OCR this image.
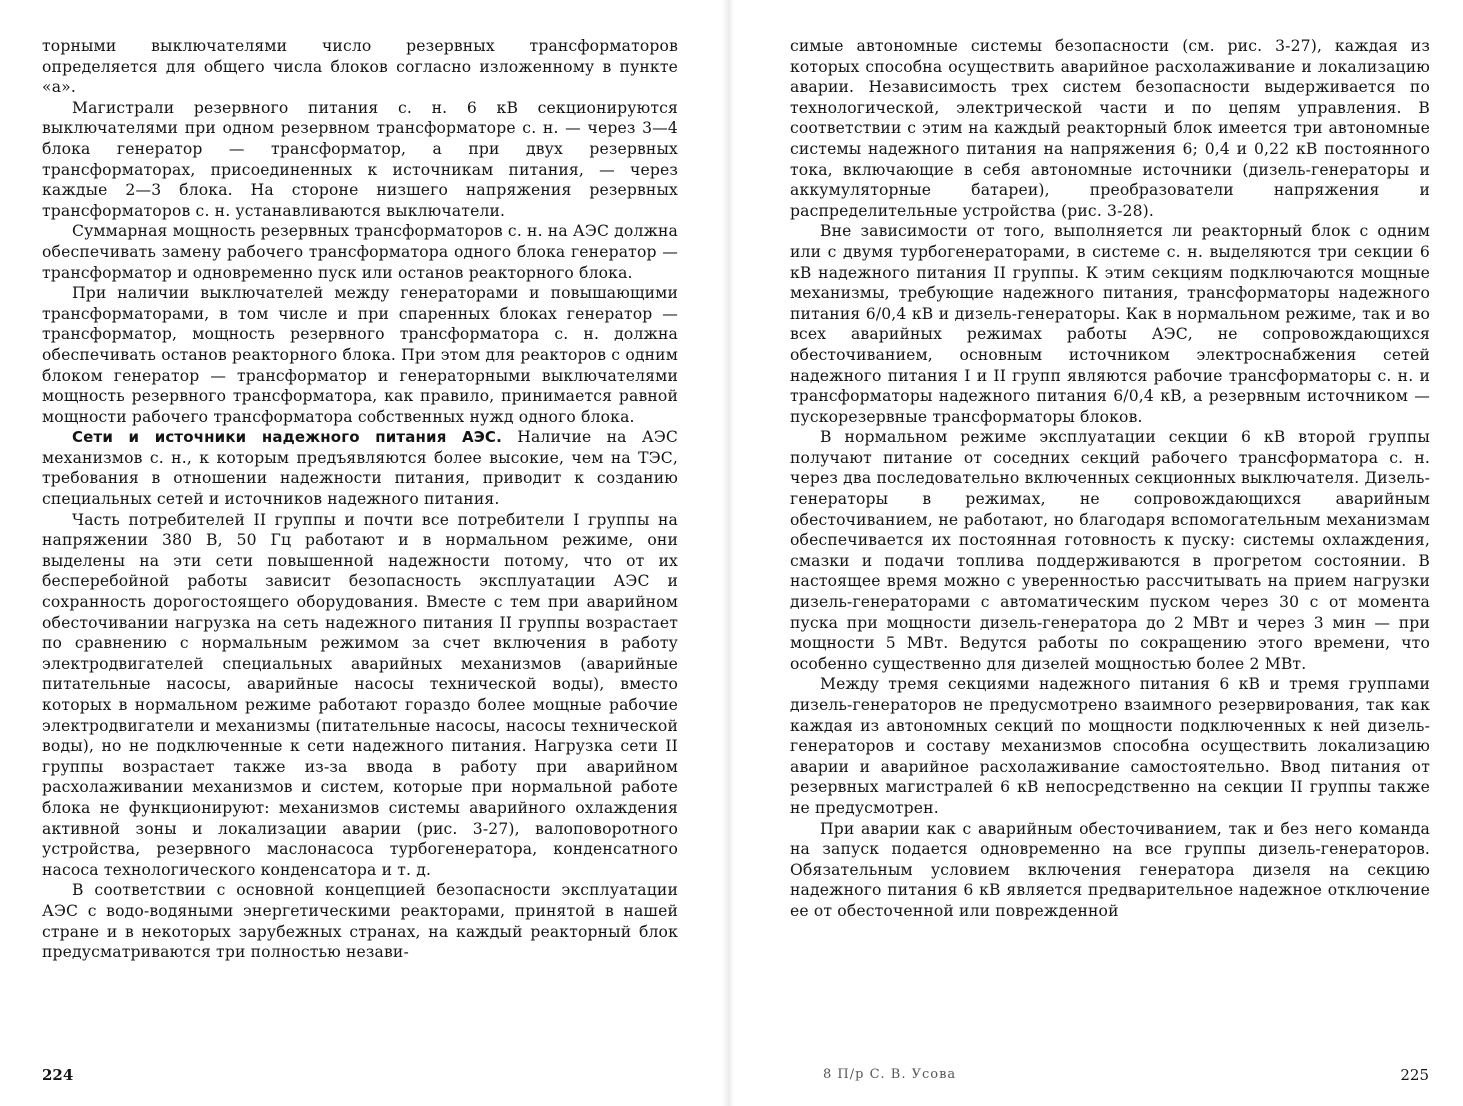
торными выключателями число резервных трансформаторов определяется для общего числа блоков согласно изложенному в пункте «а».

Магистрали резервного питания с. н. 6 кВ секционируются выключателями при одном резервном трансформаторе с. н. — через 3—4 блока генератор — трансформатор, а при двух резервных трансформаторах, присоединенных к источникам питания, — через каждые 2—3 блока. На стороне низшего напряжения резервных трансформаторов с. н. устанавливаются выключатели.

Суммарная мощность резервных трансформаторов с. н. на АЭС должна обеспечивать замену рабочего трансформатора одного блока генератор — трансформатор и одновременно пуск или останов реакторного блока.

При наличии выключателей между генераторами и повышающими трансформаторами, в том числе и при спаренных блоках генератор — трансформатор, мощность резервного трансформатора с. н. должна обеспечивать останов реакторного блока. При этом для реакторов с одним блоком генератор — трансформатор и генераторными выключателями мощность резервного трансформатора, как правило, принимается равной мощности рабочего трансформатора собственных нужд одного блока.

Сети и источники надежного питания АЭС. Наличие на АЭС механизмов с. н., к которым предъявляются более высокие, чем на ТЭС, требования в отношении надежности питания, приводит к созданию специальных сетей и источников надежного питания.

Часть потребителей II группы и почти все потребители I группы на напряжении 380 В, 50 Гц работают и в нормальном режиме, они выделены на эти сети повышенной надежности потому, что от их бесперебойной работы зависит безопасность эксплуатации АЭС и сохранность дорогостоящего оборудования. Вместе с тем при аварийном обесточивании нагрузка на сеть надежного питания II группы возрастает по сравнению с нормальным режимом за счет включения в работу электродвигателей специальных аварийных механизмов (аварийные питательные насосы, аварийные насосы технической воды), вместо которых в нормальном режиме работают гораздо более мощные рабочие электродвигатели и механизмы (питательные насосы, насосы технической воды), но не подключенные к сети надежного питания. Нагрузка сети II группы возрастает также из-за ввода в работу при аварийном расхолаживании механизмов и систем, которые при нормальной работе блока не функционируют: механизмов системы аварийного охлаждения активной зоны и локализации аварии (рис. 3-27), валоповоротного устройства, резервного маслонасоса турбогенератора, конденсатного насоса технологического конденсатора и т. д.

В соответствии с основной концепцией безопасности эксплуатации АЭС с водо-водяными энергетическими реакторами, принятой в нашей стране и в некоторых зарубежных странах, на каждый реакторный блок предусматриваются три полностью незави-

224

симые автономные системы безопасности (см. рис. 3-27), каждая из которых способна осуществить аварийное расхолаживание и локализацию аварии. Независимость трех систем безопасности выдерживается по технологической, электрической части и по цепям управления. В соответствии с этим на каждый реакторный блок имеется три автономные системы надежного питания на напряжения 6; 0,4 и 0,22 кВ постоянного тока, включающие в себя автономные источники (дизель-генераторы и аккумуляторные батареи), преобразователи напряжения и распределительные устройства (рис. 3-28).

Вне зависимости от того, выполняется ли реакторный блок с одним или с двумя турбогенераторами, в системе с. н. выделяются три секции 6 кВ надежного питания II группы. К этим секциям подключаются мощные механизмы, требующие надежного питания, трансформаторы надежного питания 6/0,4 кВ и дизель-генераторы. Как в нормальном режиме, так и во всех аварийных режимах работы АЭС, не сопровождающихся обесточиванием, основным источником электроснабжения сетей надежного питания I и II групп являются рабочие трансформаторы с. н. и трансформаторы надежного питания 6/0,4 кВ, а резервным источником — пускорезервные трансформаторы блоков.

В нормальном режиме эксплуатации секции 6 кВ второй группы получают питание от соседних секций рабочего трансформатора с. н. через два последовательно включенных секционных выключателя. Дизель-генераторы в режимах, не сопровождающихся аварийным обесточиванием, не работают, но благодаря вспомогательным механизмам обеспечивается их постоянная готовность к пуску: системы охлаждения, смазки и подачи топлива поддерживаются в прогретом состоянии. В настоящее время можно с уверенностью рассчитывать на прием нагрузки дизель-генераторами с автоматическим пуском через 30 с от момента пуска при мощности дизель-генератора до 2 МВт и через 3 мин — при мощности 5 МВт. Ведутся работы по сокращению этого времени, что особенно существенно для дизелей мощностью более 2 МВт.

Между тремя секциями надежного питания 6 кВ и тремя группами дизель-генераторов не предусмотрено взаимного резервирования, так как каждая из автономных секций по мощности подключенных к ней дизель-генераторов и составу механизмов способна осуществить локализацию аварии и аварийное расхолаживание самостоятельно. Ввод питания от резервных магистралей 6 кВ непосредственно на секции II группы также не предусмотрен.

При аварии как с аварийным обесточиванием, так и без него команда на запуск подается одновременно на все группы дизель-генераторов. Обязательным условием включения генератора дизеля на секцию надежного питания 6 кВ является предварительное надежное отключение ее от обесточенной или поврежденной

8 П/р С. В. Усова	225
